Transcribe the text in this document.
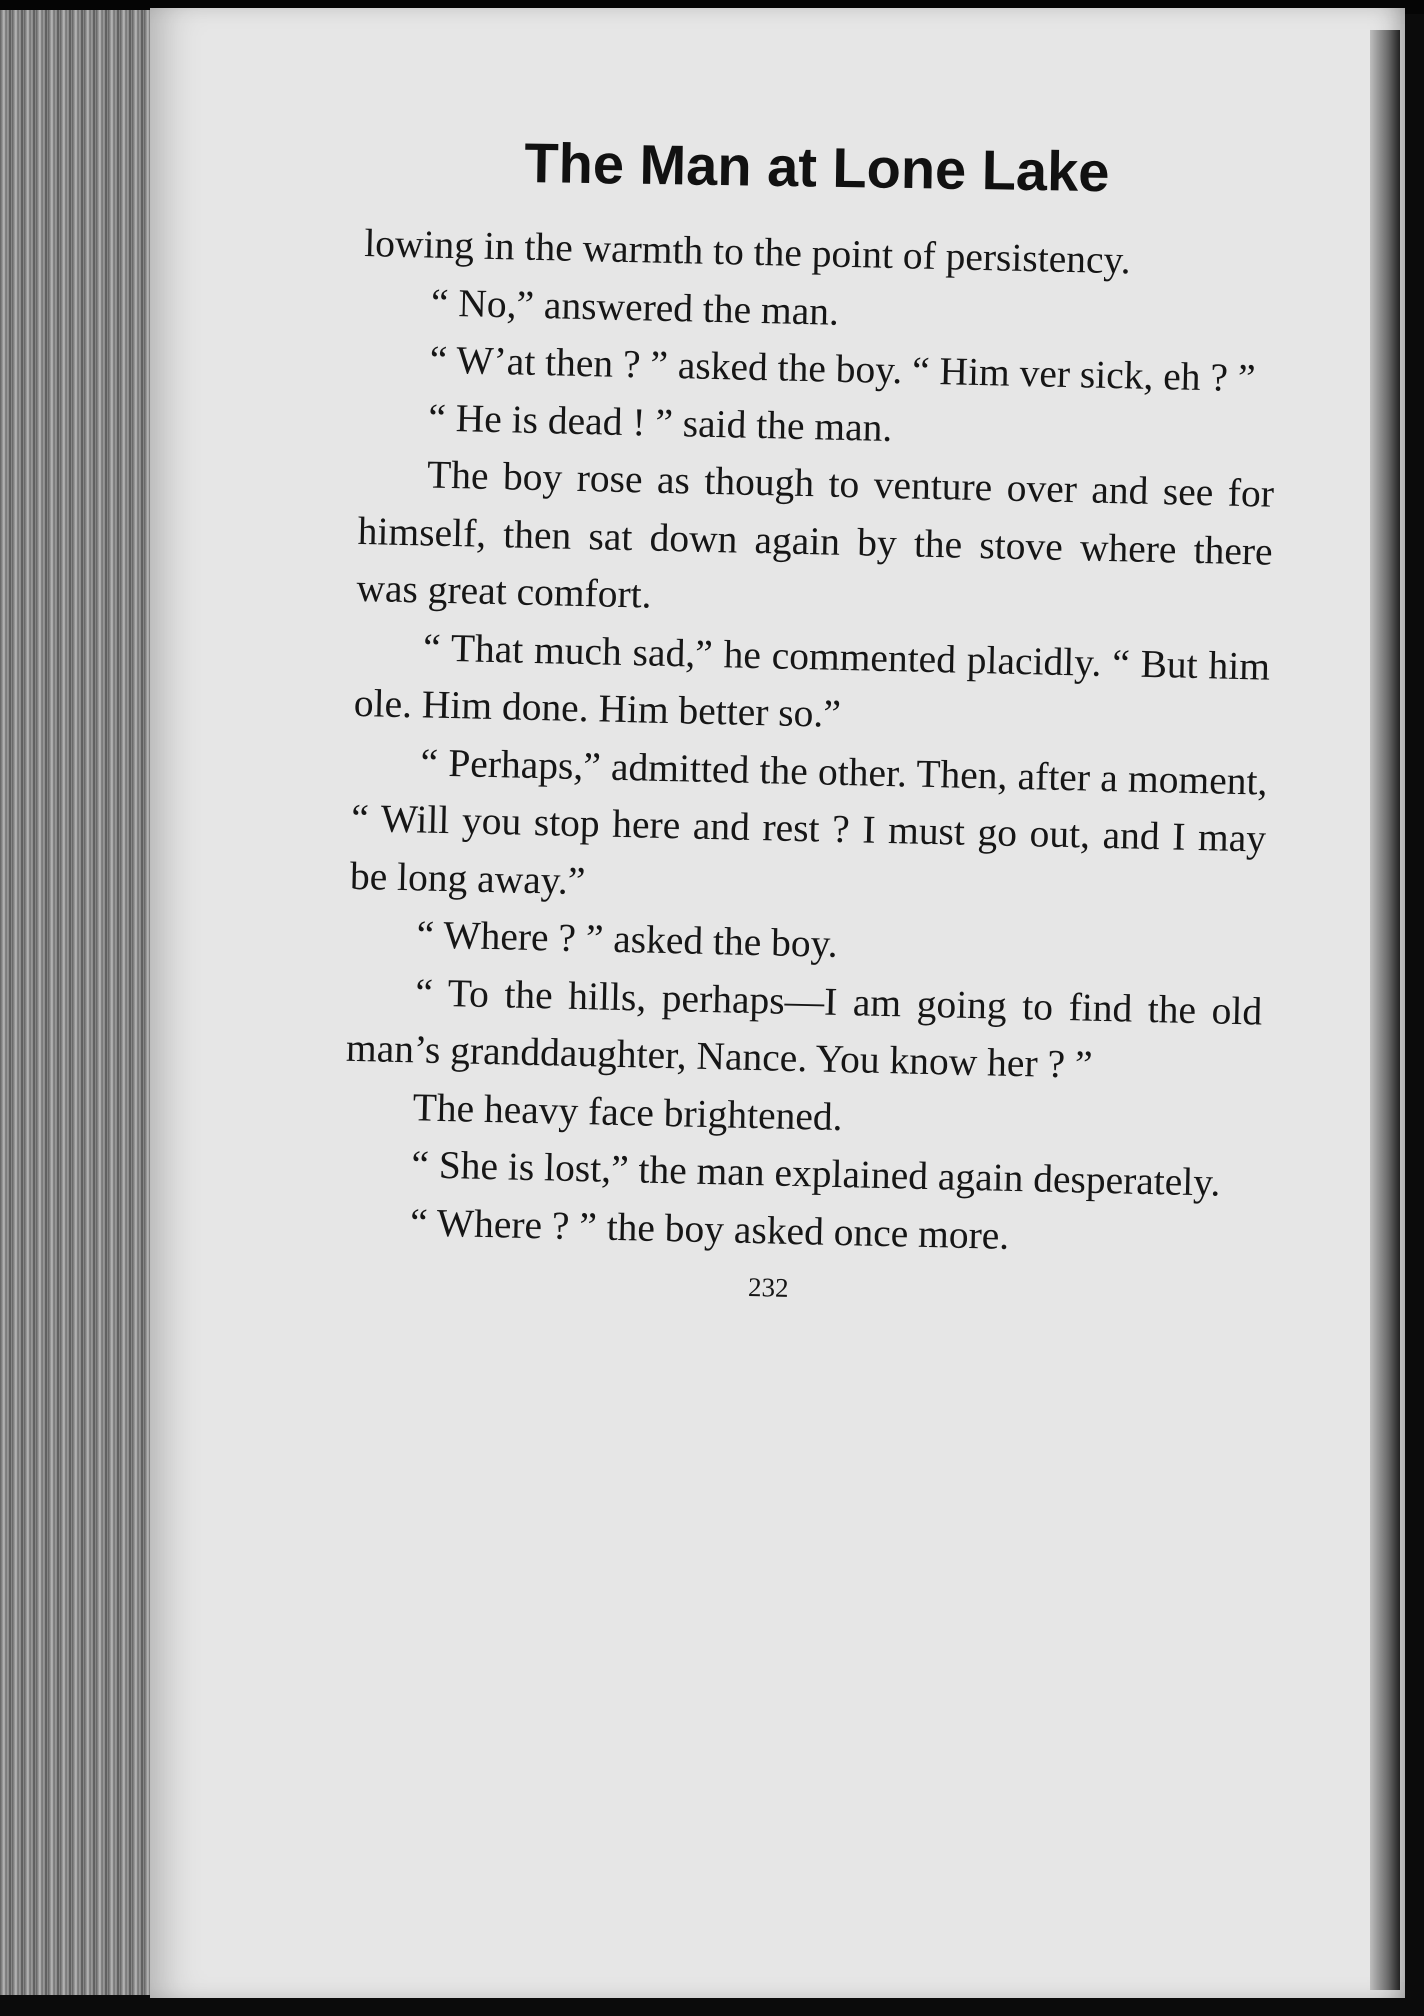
The Man at Lone Lake

lowing in the warmth to the point of persistency.

“ No,” answered the man.

“ W’at then ? ” asked the boy. “ Him ver sick, eh ? ”

“ He is dead ! ” said the man.

The boy rose as though to venture over and see for himself, then sat down again by the stove where there was great comfort.

“ That much sad,” he commented placidly. “ But him ole. Him done. Him better so.”

“ Perhaps,” admitted the other. Then, after a moment, “ Will you stop here and rest ? I must go out, and I may be long away.”

“ Where ? ” asked the boy.

“ To the hills, perhaps—I am going to find the old man’s granddaughter, Nance. You know her ? ”

The heavy face brightened.

“ She is lost,” the man explained again desperately.

“ Where ? ” the boy asked once more.

232
